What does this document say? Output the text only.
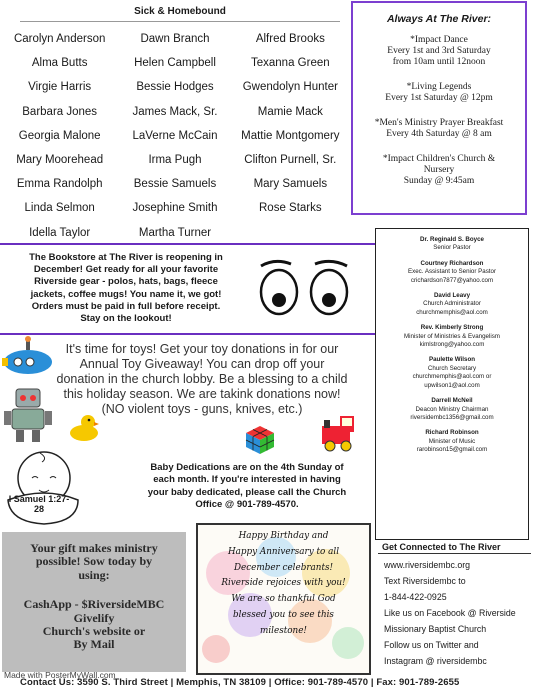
Sick & Homebound
Carolyn Anderson	Dawn Branch	Alfred Brooks
Alma Butts	Helen Campbell	Texanna Green
Virgie Harris	Bessie Hodges	Gwendolyn Hunter
Barbara Jones	James Mack, Sr.	Mamie Mack
Georgia Malone	LaVerne McCain	Mattie Montgomery
Mary Moorehead	Irma Pugh	Clifton Purnell, Sr.
Emma Randolph	Bessie Samuels	Mary Samuels
Linda Selmon	Josephine Smith	Rose Starks
Idella Taylor	Martha Turner
Always At The River:
*Impact Dance
Every 1st and 3rd Saturday
from 10am until 12noon
*Living Legends
Every 1st Saturday @ 12pm
*Men's Ministry Prayer Breakfast
Every 4th Saturday @ 8 am
*Impact Children's Church &
Nursery
Sunday @ 9:45am
The Bookstore at The River is reopening in
December! Get ready for all your favorite
Riverside gear - polos, hats, bags, fleece
jackets, coffee mugs! You name it, we got!
Orders must be paid in full before receipt.
Stay on the lookout!
Dr. Reginald S. Boyce
Senior Pastor
Courtney Richardson
Exec. Assistant to Senior Pastor
crichardson7877@yahoo.com
David Leavy
Church Administrator
churchmemphis@aol.com
Rev. Kimberly Strong
Minister of Ministries & Evangelism
kimlstrong@yahoo.com
Paulette Wilson
Church Secretary
churchmemphis@aol.com or
upwilson1@aol.com
Darrell McNeil
Deacon Ministry Chairman
riversidembc1356@gmail.com
Richard Robinson
Minister of Music
rarobinson15@gmail.com
It's time for toys! Get your toy donations in for our
Annual Toy Giveaway! You can drop off your
donation in the church lobby. Be a blessing to a child
this holiday season. We are takink donations now!
(NO violent toys - guns, knives, etc.)
I Samuel 1:27-28
Baby Dedications are on the 4th Sunday of
each month. If you're interested in having
your baby dedicated, please call the Church
Office @ 901-789-4570.
Your gift makes ministry
possible! Sow today by
using:
CashApp - $RiversideMBC
Givelify
Church's website or
By Mail
Happy Birthday and
Happy Anniversary to all
December celebrants!
Riverside rejoices with you!
We are so thankful God
blessed you to see this
milestone!
Get Connected to The River
www.riversidembc.org
Text Riversidembc to
1-844-422-0925
Like us on Facebook @ Riverside
Missionary Baptist Church
Follow us on Twitter and
Instagram @ riversidembc
Made with PosterMyWall.com
Contact Us: 3590 S. Third Street | Memphis, TN 38109 | Office: 901-789-4570 | Fax: 901-789-2655
